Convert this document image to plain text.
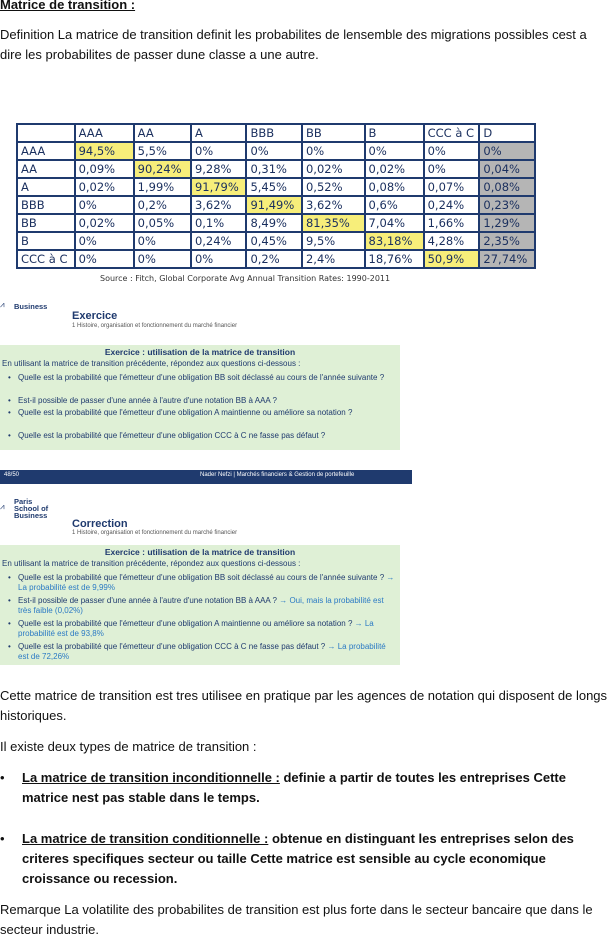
Matrice de transition :
Definition La matrice de transition definit les probabilites de lensemble des migrations possibles cest a dire les probabilites de passer dune classe a une autre.
	AAA	AA	A	BBB	BB	B	CCC à C	D
AAA	94,5%	5,5%	0%	0%	0%	0%	0%	0%
AA	0,09%	90,24%	9,28%	0,31%	0,02%	0,02%	0%	0,04%
A	0,02%	1,99%	91,79%	5,45%	0,52%	0,08%	0,07%	0,08%
BBB	0%	0,2%	3,62%	91,49%	3,62%	0,6%	0,24%	0,23%
BB	0,02%	0,05%	0,1%	8,49%	81,35%	7,04%	1,66%	1,29%
B	0%	0%	0,24%	0,45%	9,5%	83,18%	4,28%	2,35%
CCC à C	0%	0%	0%	0,2%	2,4%	18,76%	50,9%	27,74%
Source : Fitch, Global Corporate Avg Annual Transition Rates: 1990-2011
⩘ Business
Exercice
1 Histoire, organisation et fonctionnement du marché financier
Exercice : utilisation de la matrice de transition
En utilisant la matrice de transition précédente, répondez aux questions ci-dessous :
• Quelle est la probabilité que l'émetteur d'une obligation BB soit déclassé au cours de l'année suivante ?
• Est-il possible de passer d'une année à l'autre d'une notation BB à AAA ?
• Quelle est la probabilité que l'émetteur d'une obligation A maintienne ou améliore sa notation ?
• Quelle est la probabilité que l'émetteur d'une obligation CCC à C ne fasse pas défaut ?
48/50	Nader Nefzi | Marchés financiers & Gestion de portefeuille
⩘
Paris
School of
Business
Correction
1 Histoire, organisation et fonctionnement du marché financier
Exercice : utilisation de la matrice de transition
En utilisant la matrice de transition précédente, répondez aux questions ci-dessous :
• Quelle est la probabilité que l'émetteur d'une obligation BB soit déclassé au cours de l'année suivante ? → La probabilité est de 9,99%
• Est-il possible de passer d'une année à l'autre d'une notation BB à AAA ? → Oui, mais la probabilité est très faible (0,02%)
• Quelle est la probabilité que l'émetteur d'une obligation A maintienne ou améliore sa notation ? → La probabilité est de 93,8%
• Quelle est la probabilité que l'émetteur d'une obligation CCC à C ne fasse pas défaut ? → La probabilité est de 72,26%
Cette matrice de transition est tres utilisee en pratique par les agences de notation qui disposent de longs historiques.
Il existe deux types de matrice de transition :
• La matrice de transition inconditionnelle : definie a partir de toutes les entreprises Cette matrice nest pas stable dans le temps.
• La matrice de transition conditionnelle : obtenue en distinguant les entreprises selon des criteres specifiques secteur ou taille Cette matrice est sensible au cycle economique croissance ou recession.
Remarque La volatilite des probabilites de transition est plus forte dans le secteur bancaire que dans le secteur industrie.
